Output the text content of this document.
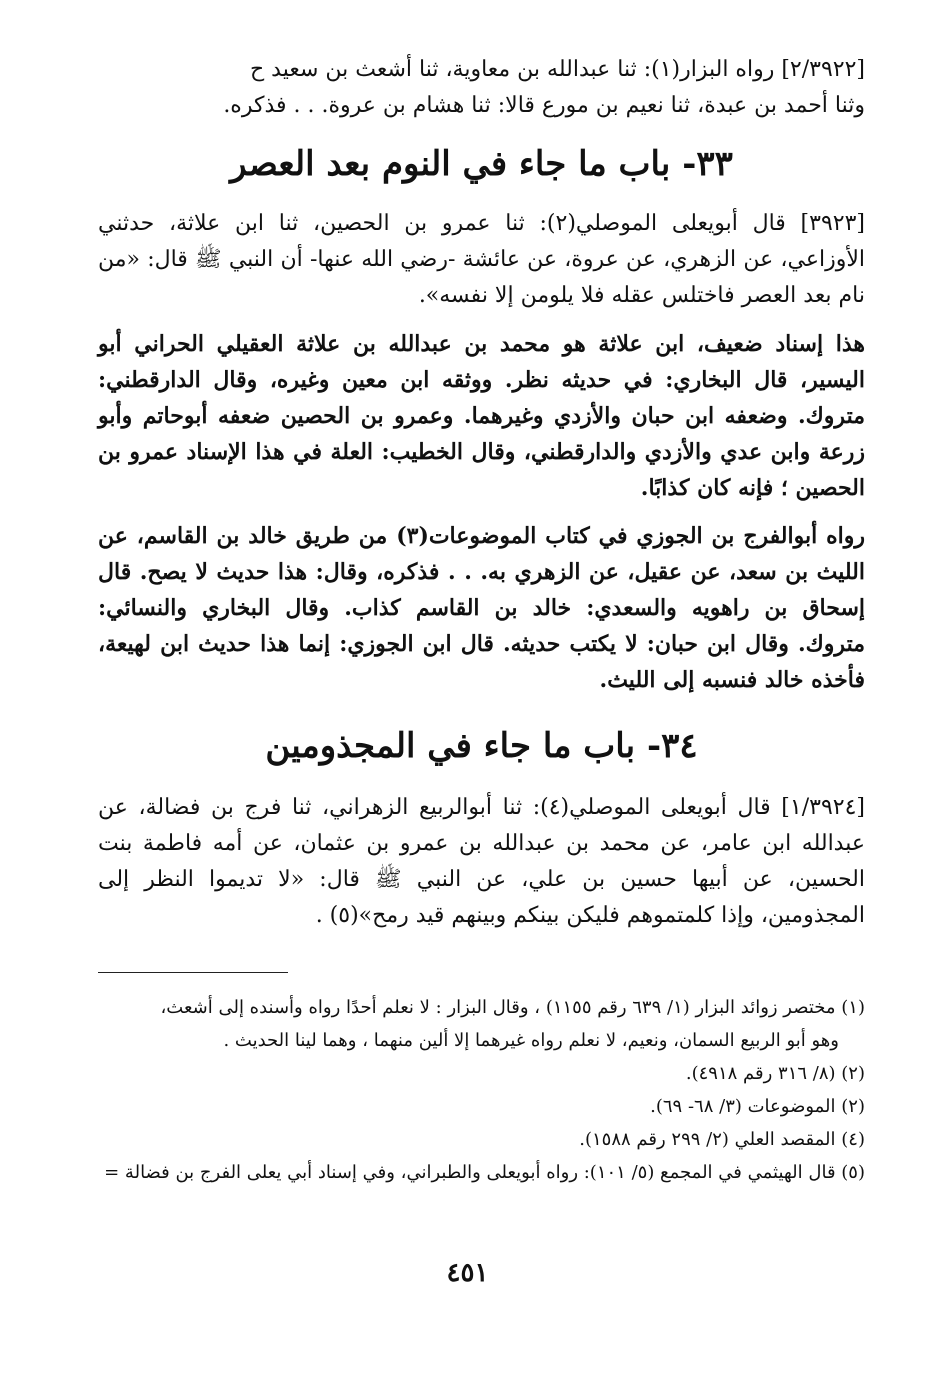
[٢/٣٩٢٢] رواه البزار(١): ثنا عبدالله بن معاوية، ثنا أشعث بن سعيد ح

وثنا أحمد بن عبدة، ثنا نعيم بن مورع قالا: ثنا هشام بن عروة. . . فذكره.

٣٣- باب ما جاء في النوم بعد العصر

[٣٩٢٣] قال أبويعلى الموصلي(٢): ثنا عمرو بن الحصين، ثنا ابن علاثة، حدثني الأوزاعي، عن الزهري، عن عروة، عن عائشة -رضي الله عنها- أن النبي ﷺ قال: «من نام بعد العصر فاختلس عقله فلا يلومن إلا نفسه».

هذا إسناد ضعيف، ابن علاثة هو محمد بن عبدالله بن علاثة العقيلي الحراني أبو اليسير، قال البخاري: في حديثه نظر. ووثقه ابن معين وغيره، وقال الدارقطني: متروك. وضعفه ابن حبان والأزدي وغيرهما. وعمرو بن الحصين ضعفه أبوحاتم وأبو زرعة وابن عدي والأزدي والدارقطني، وقال الخطيب: العلة في هذا الإسناد عمرو بن الحصين ؛ فإنه كان كذابًا.

رواه أبوالفرج بن الجوزي في كتاب الموضوعات(٣) من طريق خالد بن القاسم، عن الليث بن سعد، عن عقيل، عن الزهري به. . . فذكره، وقال: هذا حديث لا يصح. قال إسحاق بن راهويه والسعدي: خالد بن القاسم كذاب. وقال البخاري والنسائي: متروك. وقال ابن حبان: لا يكتب حديثه. قال ابن الجوزي: إنما هذا حديث ابن لهيعة، فأخذه خالد فنسبه إلى الليث.

٣٤- باب ما جاء في المجذومين

[١/٣٩٢٤] قال أبويعلى الموصلي(٤): ثنا أبوالربيع الزهراني، ثنا فرج بن فضالة، عن عبدالله ابن عامر، عن محمد بن عبدالله بن عمرو بن عثمان، عن أمه فاطمة بنت الحسين، عن أبيها حسين بن علي، عن النبي ﷺ قال: «لا تديموا النظر إلى المجذومين، وإذا كلمتموهم فليكن بينكم وبينهم قيد رمح»(٥) .

(١) مختصر زوائد البزار (١/ ٦٣٩ رقم ١١٥٥) ، وقال البزار : لا نعلم أحدًا رواه وأسنده إلى أشعث،

وهو أبو الربيع السمان، ونعيم، لا نعلم رواه غيرهما إلا ألين منهما ، وهما لينا الحديث .

(٢) (٨/ ٣١٦ رقم ٤٩١٨).

(٢) الموضوعات (٣/ ٦٨- ٦٩).

(٤) المقصد العلي (٢/ ٢٩٩ رقم ١٥٨٨).

(٥) قال الهيثمي في المجمع (٥/ ١٠١): رواه أبويعلى والطبراني، وفي إسناد أبي يعلى الفرج بن فضالة =

٤٥١
